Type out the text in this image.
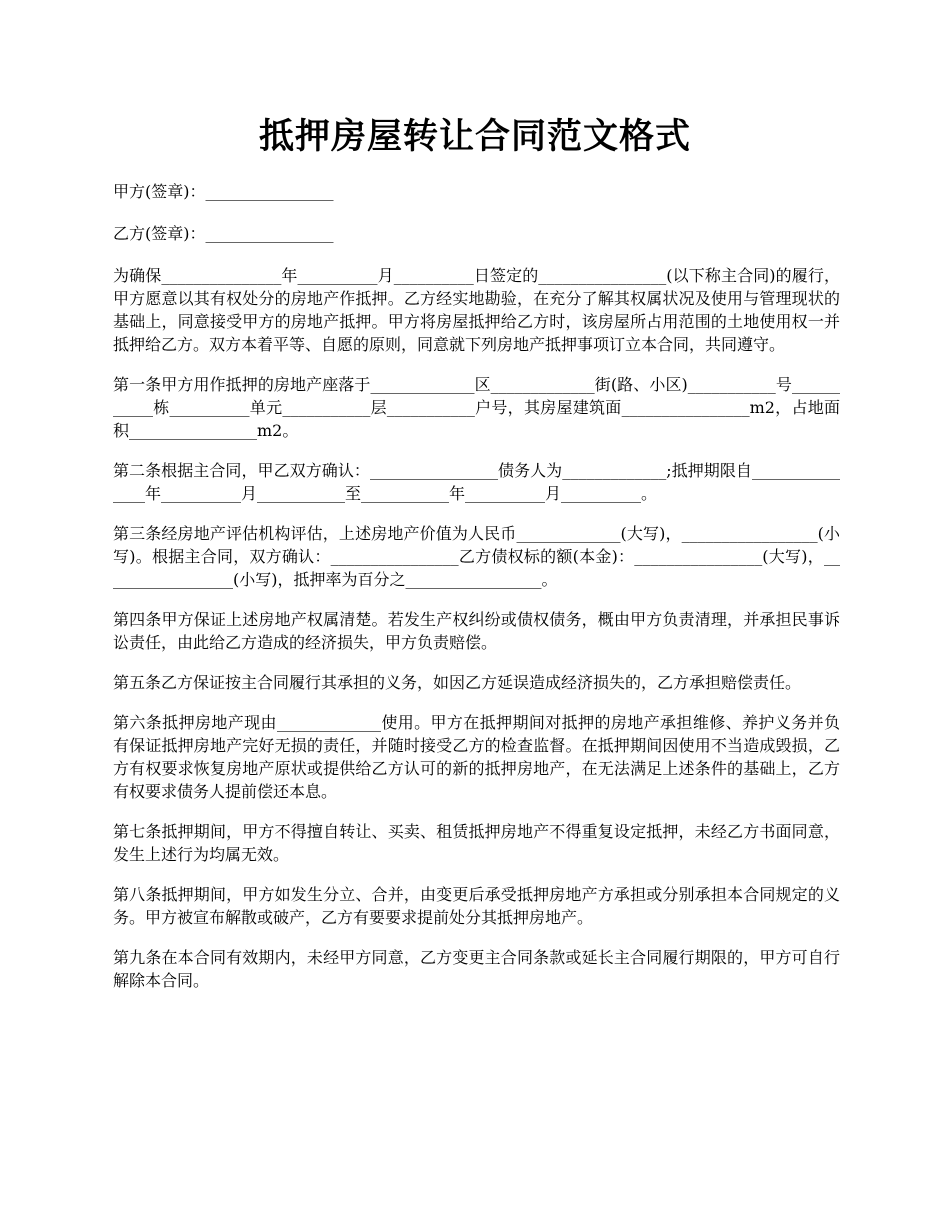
抵押房屋转让合同范文格式

甲方(签章)：________________

乙方(签章)：________________

为确保_______________年__________月__________日签定的________________(以下称主合同)的履行，甲方愿意以其有权处分的房地产作抵押。乙方经实地勘验，在充分了解其权属状况及使用与管理现状的基础上，同意接受甲方的房地产抵押。甲方将房屋抵押给乙方时，该房屋所占用范围的土地使用权一并抵押给乙方。双方本着平等、自愿的原则，同意就下列房地产抵押事项订立本合同，共同遵守。

第一条甲方用作抵押的房地产座落于_____________区_____________街(路、小区)___________号___________栋__________单元___________层___________户号，其房屋建筑面________________m2，占地面积________________m2。

第二条根据主合同，甲乙双方确认：________________债务人为_____________;抵押期限自_______________年__________月___________至___________年__________月__________。

第三条经房地产评估机构评估，上述房地产价值为人民币_____________(大写)，_________________(小写)。根据主合同，双方确认：________________乙方债权标的额(本金)：________________(大写)，_________________(小写)，抵押率为百分之_________________。

第四条甲方保证上述房地产权属清楚。若发生产权纠纷或债权债务，概由甲方负责清理，并承担民事诉讼责任，由此给乙方造成的经济损失，甲方负责赔偿。

第五条乙方保证按主合同履行其承担的义务，如因乙方延误造成经济损失的，乙方承担赔偿责任。

第六条抵押房地产现由_____________使用。甲方在抵押期间对抵押的房地产承担维修、养护义务并负有保证抵押房地产完好无损的责任，并随时接受乙方的检查监督。在抵押期间因使用不当造成毁损，乙方有权要求恢复房地产原状或提供给乙方认可的新的抵押房地产，在无法满足上述条件的基础上，乙方有权要求债务人提前偿还本息。

第七条抵押期间，甲方不得擅自转让、买卖、租赁抵押房地产不得重复设定抵押，未经乙方书面同意，发生上述行为均属无效。

第八条抵押期间，甲方如发生分立、合并，由变更后承受抵押房地产方承担或分别承担本合同规定的义务。甲方被宣布解散或破产，乙方有要要求提前处分其抵押房地产。

第九条在本合同有效期内，未经甲方同意，乙方变更主合同条款或延长主合同履行期限的，甲方可自行解除本合同。
